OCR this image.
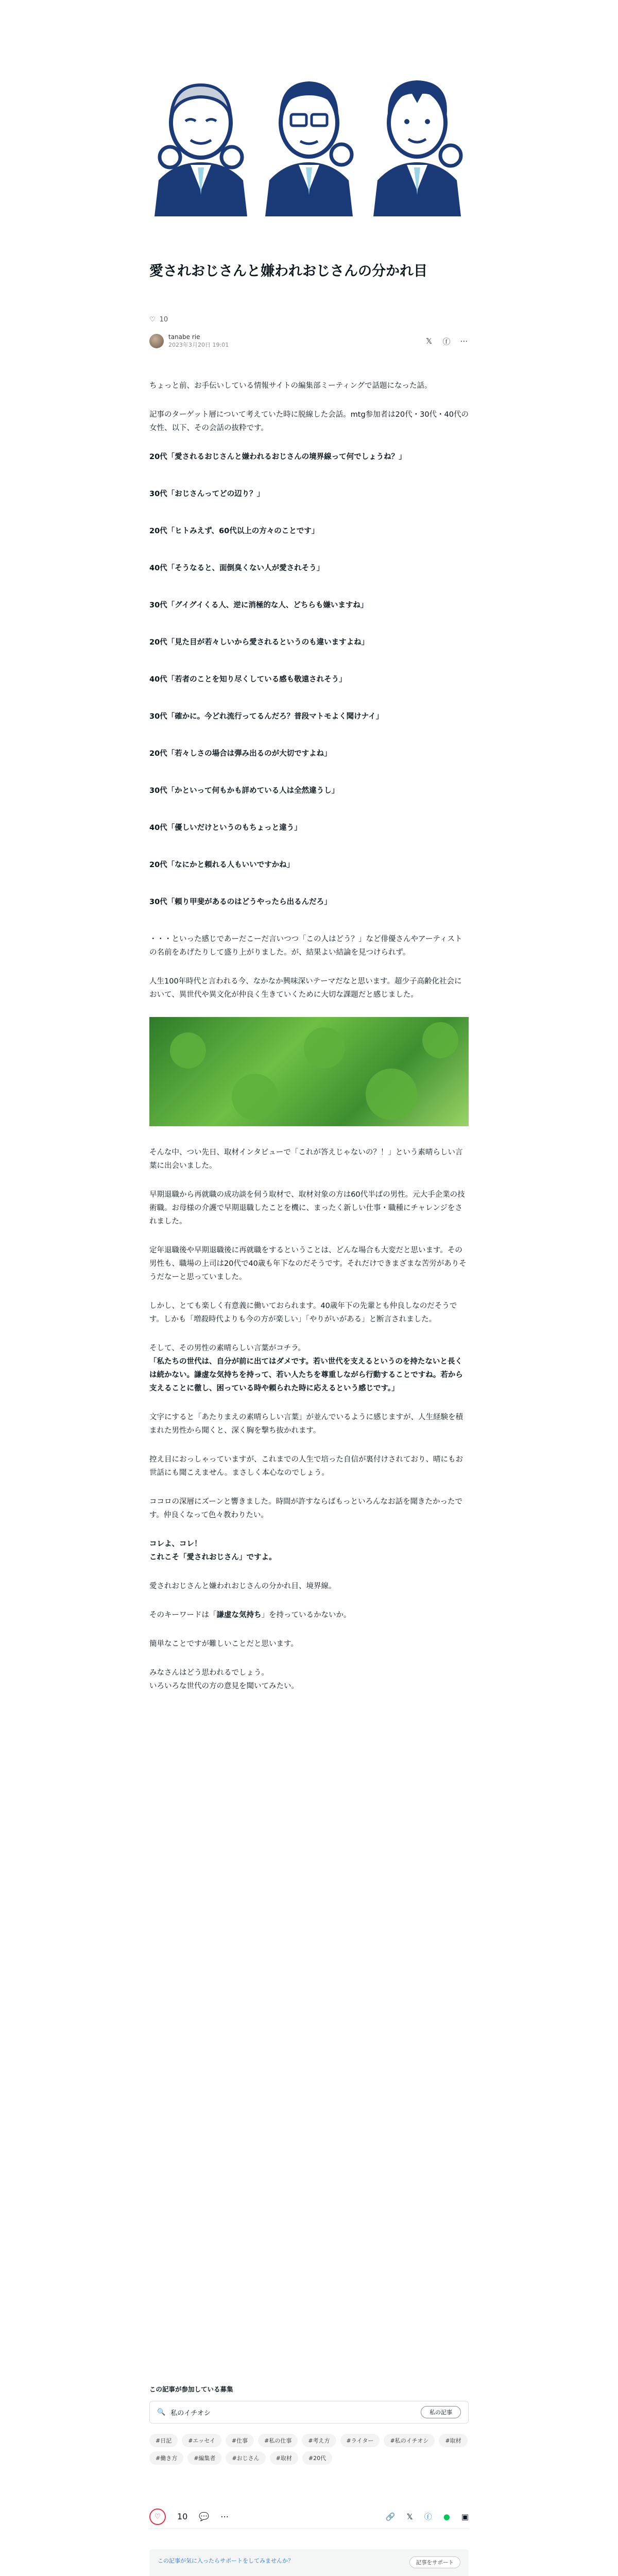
愛されおじさんと嫌われおじさんの分かれ目
♡ 10
tanabe rie
2023年3月20日 19:01	𝕏 ⓕ ⋯

ちょっと前、お手伝いしている情報サイトの編集部ミーティングで話題になった話。

記事のターゲット層について考えていた時に脱線した会話。mtg参加者は20代・30代・40代の女性、以下、その会話の抜粋です。

20代「愛されるおじさんと嫌われるおじさんの境界線って何でしょうね？」

30代「おじさんってどの辺り？」

20代「ヒトみえず、60代以上の方々のことです」

40代「そうなると、面倒臭くない人が愛されそう」

30代「グイグイくる人、逆に消極的な人、どちらも嫌いますね」

20代「見た目が若々しいから愛されるというのも違いますよね」

40代「若者のことを知り尽くしている感も敬遠されそう」

30代「確かに。今どれ流行ってるんだろ？普段マトモよく聞けナイ」

20代「若々しさの場合は弾み出るのが大切ですよね」

30代「かといって何もかも詳めている人は全然違うし」

40代「優しいだけというのもちょっと違う」

20代「なにかと頼れる人もいいですかね」

30代「頼り甲斐があるのはどうやったら出るんだろ」

・・・といった感じであーだこーだ言いつつ「この人はどう？」など俳優さんやアーティストの名前をあげたりして盛り上がりました。が、結果よい結論を見つけられず。

人生100年時代と言われる今、なかなか興味深いテーマだなと思います。超少子高齢化社会において、異世代や異文化が仲良く生きていくために大切な課題だと感じました。

そんな中、つい先日、取材インタビューで「これが答えじゃないの？！」という素晴らしい言葉に出会いました。

早期退職から再就職の成功談を伺う取材で、取材対象の方は60代半ばの男性。元大手企業の技術職。お母様の介護で早期退職したことを機に、まったく新しい仕事・職種にチャレンジをされました。

定年退職後や早期退職後に再就職をするということは、どんな場合も大変だと思います。その男性も、職場の上司は20代で40歳も年下なのだそうです。それだけできまざまな苦労がありそうだなーと思っていました。

しかし、とても楽しく有意義に働いておられます。40歳年下の先輩とも仲良しなのだそうです。しかも「増殺時代よりも今の方が楽しい」「やりがいがある」と断言されました。

そして、その男性の素晴らしい言葉がコチラ。

「私たちの世代は、自分が前に出てはダメです。若い世代を支えるというのを持たないと長くは続かない。謙虚な気持ちを持って、若い人たちを尊重しながら行動することですね。若から支えることに徹し、困っている時や頼られた時に応えるという感じです。」

文字にすると「あたりまえの素晴らしい言葉」が並んでいるように感じますが、人生経験を積まれた男性から聞くと、深く胸を撃ち抜かれます。

控え目におっしゃっていますが、これまでの人生で培った自信が裏付けされており、晴にもお世話にも聞こえません。まさしく本心なのでしょう。

ココロの深層にズーンと響きました。時間が許すならばもっといろんなお話を聞きたかったです。仲良くなって色々教わりたい。

コレよ、コレ！
これこそ「愛されおじさん」ですよ。

愛されおじさんと嫌われおじさんの分かれ目、境界線。

そのキーワードは「謙虚な気持ち」を持っているかないか。

簡単なことですが難しいことだと思います。

みなさんはどう思われるでしょう。
いろいろな世代の方の意見を聞いてみたい。

この記事が参加している募集
🔍 私のイチオシ	私の記事
#日記	#エッセイ	#仕事	#私の仕事	#考え方	#ライター	#私のイチオシ	#取材
#働き方	#編集者	#おじさん	#取材	#20代
♡	10 💬 ⋯	🔗 𝕏 ⓕ ● ▣
この記事が気に入ったらサポートをしてみませんか？	記事をサポート
